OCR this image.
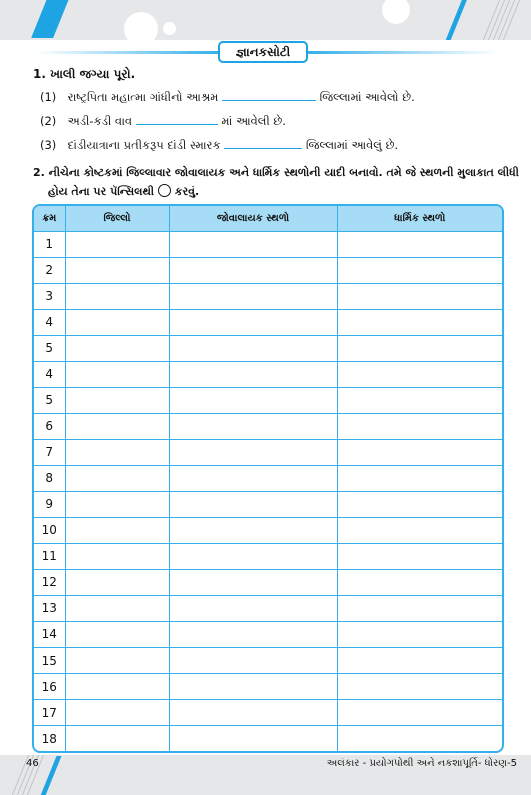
જ્ઞાનકસોટી
1. ખાલી જગ્યા પૂરો.
(1) રાષ્ટ્રપિતા મહાત્મા ગાંધીનો આશ્રમ	જિલ્લામાં આવેલો છે.
(2) અડી-કડી વાવ	માં આવેલી છે.
(3) દાંડીયાત્રાના પ્રતીકરૂપ દાંડી સ્મારક	જિલ્લામાં આવેલું છે.
2. નીચેના કોષ્ટકમાં જિલ્લાવાર જોવાલાયક અને ધાર્મિક સ્થળોની યાદી બનાવો. તમે જે સ્થળની મુલાકાત લીધી
હોય તેના પર પૅન્સિલથી ○ કરવું.
ક્રમ	જિલ્લો	જોવાલાયક સ્થળો	ધાર્મિક સ્થળો
1			
2			
3			
4			
5			
4			
5			
6			
7			
8			
9			
10			
11			
12			
13			
14			
15			
16			
17			
18			
46	અલંકાર - પ્રયોગપોથી અને નકશાપૂર્તિ- ધોરણ-5
